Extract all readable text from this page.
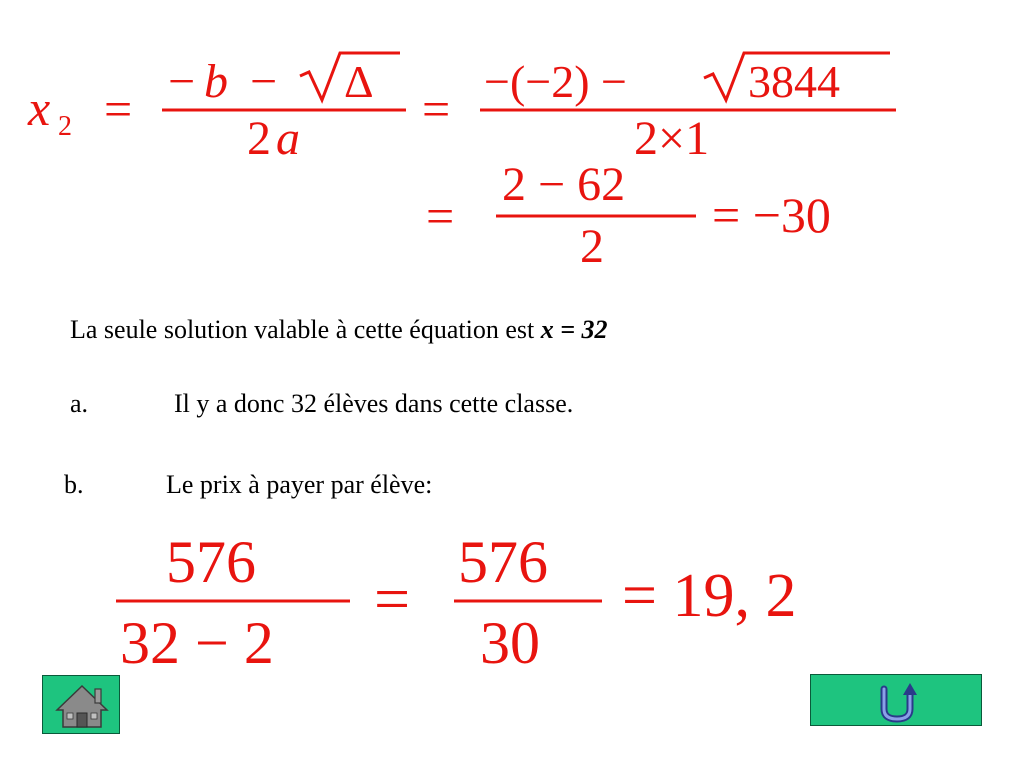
x 2 = − b − Δ
2 a
= −(−2) −	3844
2×1
=
2 − 62
2
= −30
La seule solution valable à cette équation est x = 32
a.	Il y a donc 32 élèves dans cette classe.
b.	Le prix à payer par élève:
576
32 − 2
=
576
30
= 19, 2
